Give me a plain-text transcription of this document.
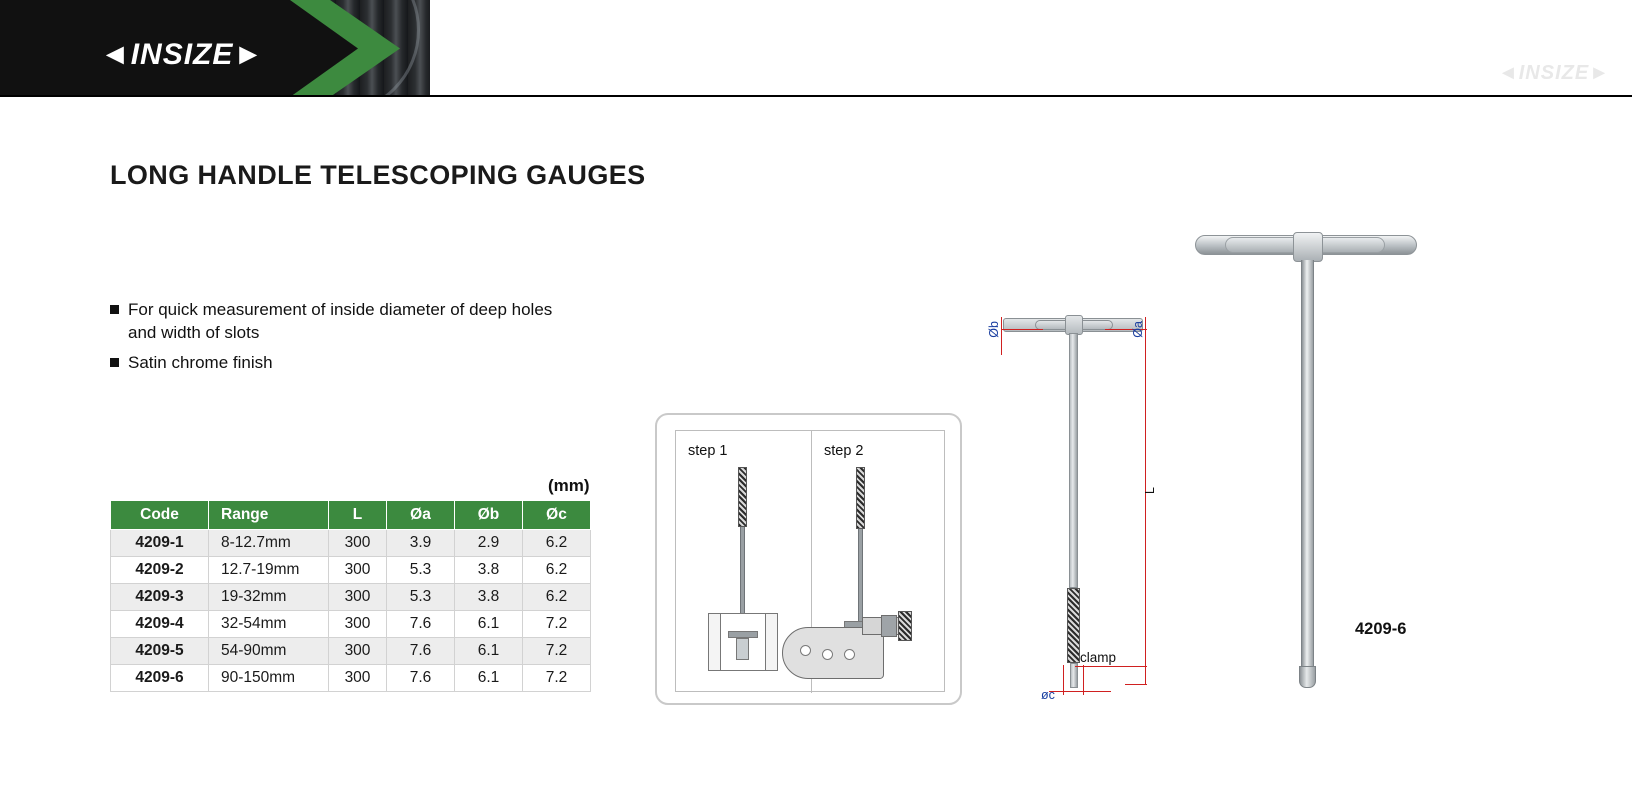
◄INSIZE►
◄INSIZE►
LONG HANDLE TELESCOPING GAUGES
For quick measurement of inside diameter of deep holes and width of slots
Satin chrome finish
(mm)
Code	Range	L	Øa	Øb	Øc
4209-1	8-12.7mm	300	3.9	2.9	6.2
4209-2	12.7-19mm	300	5.3	3.8	6.2
4209-3	19-32mm	300	5.3	3.8	6.2
4209-4	32-54mm	300	7.6	6.1	7.2
4209-5	54-90mm	300	7.6	6.1	7.2
4209-6	90-150mm	300	7.6	6.1	7.2
step 1	step 2
Øb	Øa
L
øc
clamp
4209-6
